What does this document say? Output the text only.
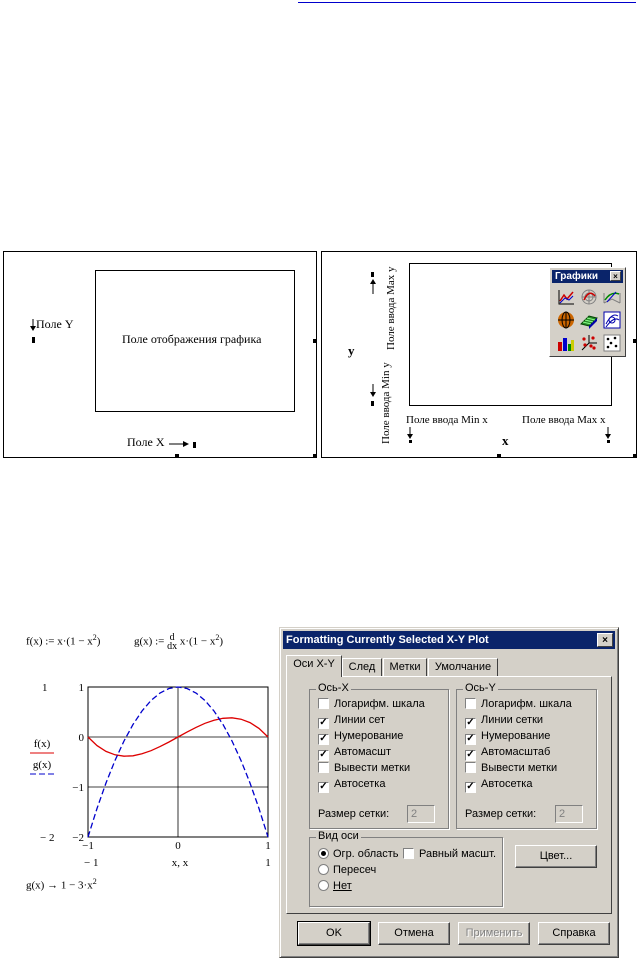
Поле отображения графика
Поле Y
Поле X
Поле ввода Max y
Поле ввода Min y
y
Поле ввода Min x	Поле ввода Max x
x
Графики	×
f(x) := $x\cdot(1 - x^2)$	g(x) := d
dx $x\cdot(1 - x^2)$
1
0
−1
−2
1
− 2
−1	0	1
− 1	1
x, x
f(x)
g(x)
$g(x) \to 1 - 3\cdot x^2$
Formatting Currently Selected X-Y Plot	×
Оси X-Y	След	Метки	Умолчание
Ось-X
Логарифм. шкала
✓ Линии сет
✓ Нумерование
✓ Автомасшт
Вывести метки
✓ Автосетка
Размер сетки:	2
Ось-Y
Логарифм. шкала
✓ Линии сетки
✓ Нумерование
✓ Автомасштаб
Вывести метки
✓ Автосетка
Размер сетки:	2
Вид оси
Огр. область	Равный масшт.
Пересеч
Нет
Цвет...
OK	Отмена	Применить	Справка
